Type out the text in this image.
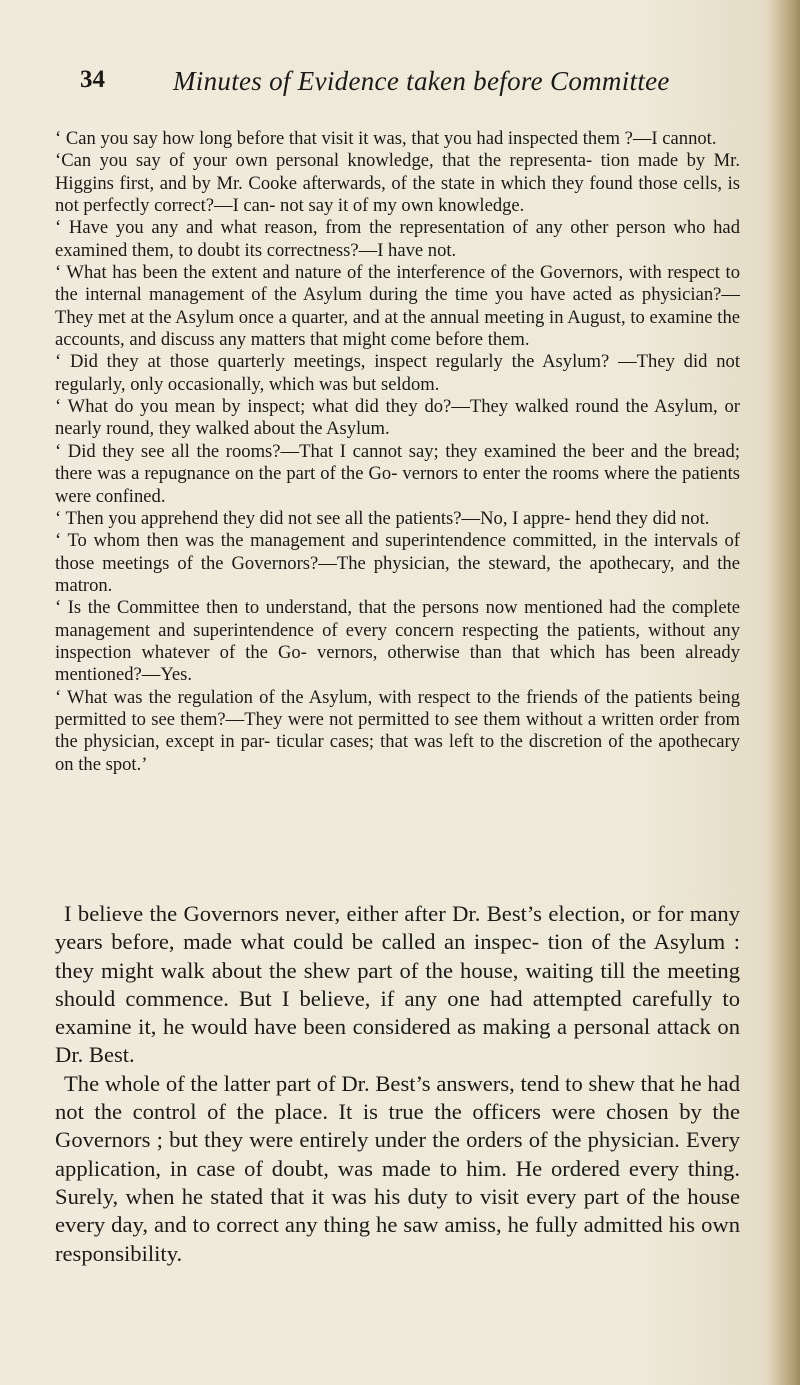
34	Minutes of Evidence taken before Committee

‘ Can you say how long before that visit it was, that you had inspected them ?—I cannot.

‘Can you say of your own personal knowledge, that the representa- tion made by Mr. Higgins first, and by Mr. Cooke afterwards, of the state in which they found those cells, is not perfectly correct?—I can- not say it of my own knowledge.

‘ Have you any and what reason, from the representation of any other person who had examined them, to doubt its correctness?—I have not.

‘ What has been the extent and nature of the interference of the Governors, with respect to the internal management of the Asylum during the time you have acted as physician?—They met at the Asylum once a quarter, and at the annual meeting in August, to examine the accounts, and discuss any matters that might come before them.

‘ Did they at those quarterly meetings, inspect regularly the Asylum? —They did not regularly, only occasionally, which was but seldom.

‘ What do you mean by inspect; what did they do?—They walked round the Asylum, or nearly round, they walked about the Asylum.

‘ Did they see all the rooms?—That I cannot say; they examined the beer and the bread; there was a repugnance on the part of the Go- vernors to enter the rooms where the patients were confined.

‘ Then you apprehend they did not see all the patients?—No, I appre- hend they did not.

‘ To whom then was the management and superintendence committed, in the intervals of those meetings of the Governors?—The physician, the steward, the apothecary, and the matron.

‘ Is the Committee then to understand, that the persons now mentioned had the complete management and superintendence of every concern respecting the patients, without any inspection whatever of the Go- vernors, otherwise than that which has been already mentioned?—Yes.

‘ What was the regulation of the Asylum, with respect to the friends of the patients being permitted to see them?—They were not permitted to see them without a written order from the physician, except in par- ticular cases; that was left to the discretion of the apothecary on the spot.’

I believe the Governors never, either after Dr. Best’s election, or for many years before, made what could be called an inspec- tion of the Asylum : they might walk about the shew part of the house, waiting till the meeting should commence. But I believe, if any one had attempted carefully to examine it, he would have been considered as making a personal attack on Dr. Best.

The whole of the latter part of Dr. Best’s answers, tend to shew that he had not the control of the place. It is true the officers were chosen by the Governors ; but they were entirely under the orders of the physician. Every application, in case of doubt, was made to him. He ordered every thing. Surely, when he stated that it was his duty to visit every part of the house every day, and to correct any thing he saw amiss, he fully admitted his own responsibility.
